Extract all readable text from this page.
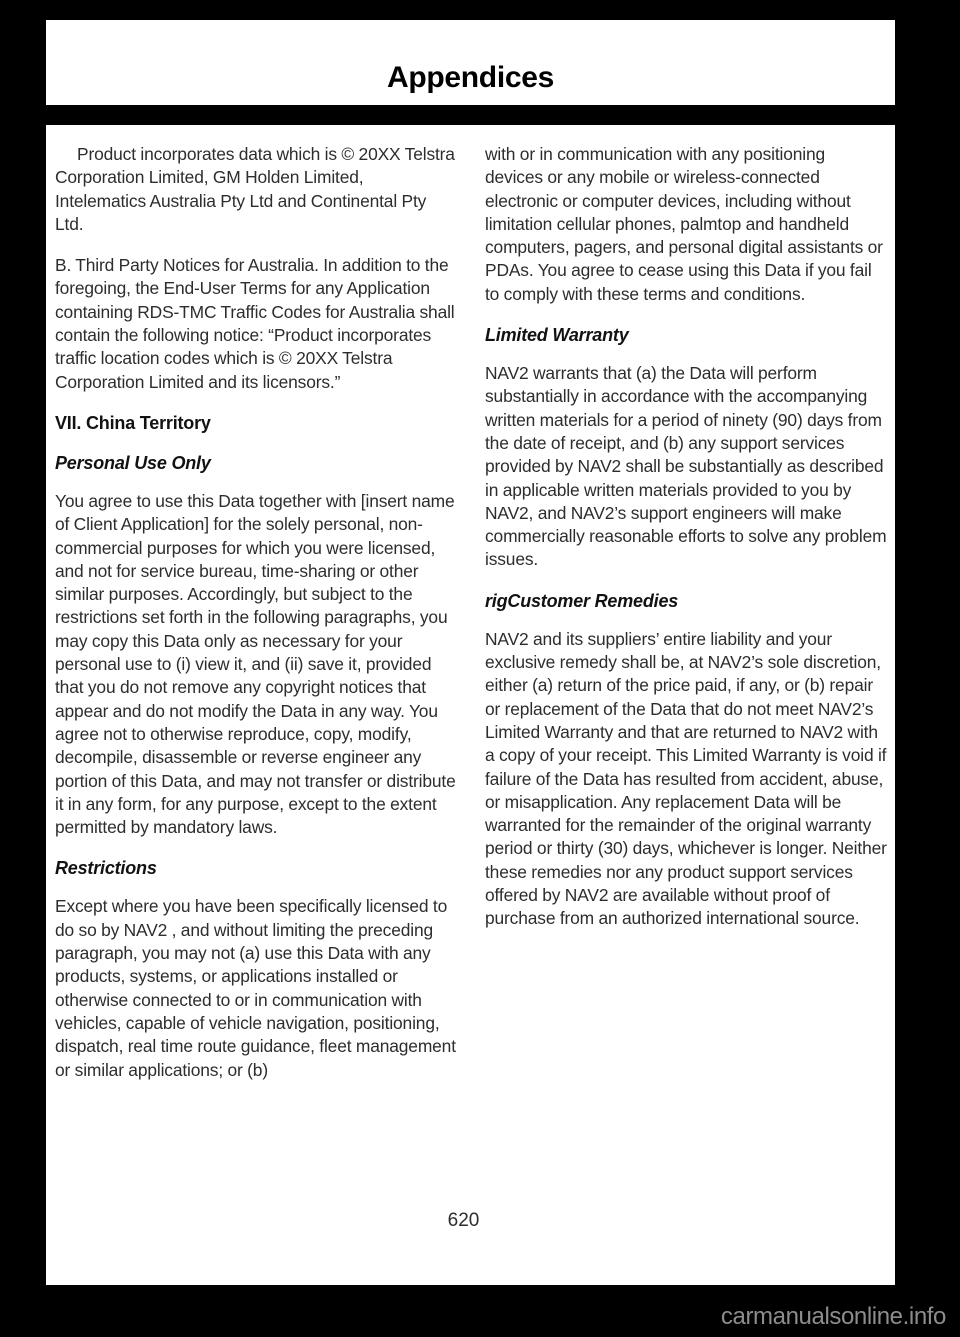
Appendices

Product incorporates data which is © 20XX Telstra Corporation Limited, GM Holden Limited, Intelematics Australia Pty Ltd and Continental Pty Ltd.

B. Third Party Notices for Australia. In addition to the foregoing, the End-User Terms for any Application containing RDS-TMC Traffic Codes for Australia shall contain the following notice: “Product incorporates traffic location codes which is © 20XX Telstra Corporation Limited and its licensors.”

VII. China Territory
Personal Use Only

You agree to use this Data together with [insert name of Client Application] for the solely personal, non-commercial purposes for which you were licensed, and not for service bureau, time-sharing or other similar purposes. Accordingly, but subject to the restrictions set forth in the following paragraphs, you may copy this Data only as necessary for your personal use to (i) view it, and (ii) save it, provided that you do not remove any copyright notices that appear and do not modify the Data in any way. You agree not to otherwise reproduce, copy, modify, decompile, disassemble or reverse engineer any portion of this Data, and may not transfer or distribute it in any form, for any purpose, except to the extent permitted by mandatory laws.

Restrictions

Except where you have been specifically licensed to do so by NAV2 , and without limiting the preceding paragraph, you may not (a) use this Data with any products, systems, or applications installed or otherwise connected to or in communication with vehicles, capable of vehicle navigation, positioning, dispatch, real time route guidance, fleet management or similar applications; or (b)

with or in communication with any positioning devices or any mobile or wireless-connected electronic or computer devices, including without limitation cellular phones, palmtop and handheld computers, pagers, and personal digital assistants or PDAs. You agree to cease using this Data if you fail to comply with these terms and conditions.

Limited Warranty

NAV2 warrants that (a) the Data will perform substantially in accordance with the accompanying written materials for a period of ninety (90) days from the date of receipt, and (b) any support services provided by NAV2 shall be substantially as described in applicable written materials provided to you by NAV2, and NAV2’s support engineers will make commercially reasonable efforts to solve any problem issues.

rigCustomer Remedies

NAV2 and its suppliers’ entire liability and your exclusive remedy shall be, at NAV2’s sole discretion, either (a) return of the price paid, if any, or (b) repair or replacement of the Data that do not meet NAV2’s Limited Warranty and that are returned to NAV2 with a copy of your receipt. This Limited Warranty is void if failure of the Data has resulted from accident, abuse, or misapplication. Any replacement Data will be warranted for the remainder of the original warranty period or thirty (30) days, whichever is longer. Neither these remedies nor any product support services offered by NAV2 are available without proof of purchase from an authorized international source.

620
carmanualsonline.info
